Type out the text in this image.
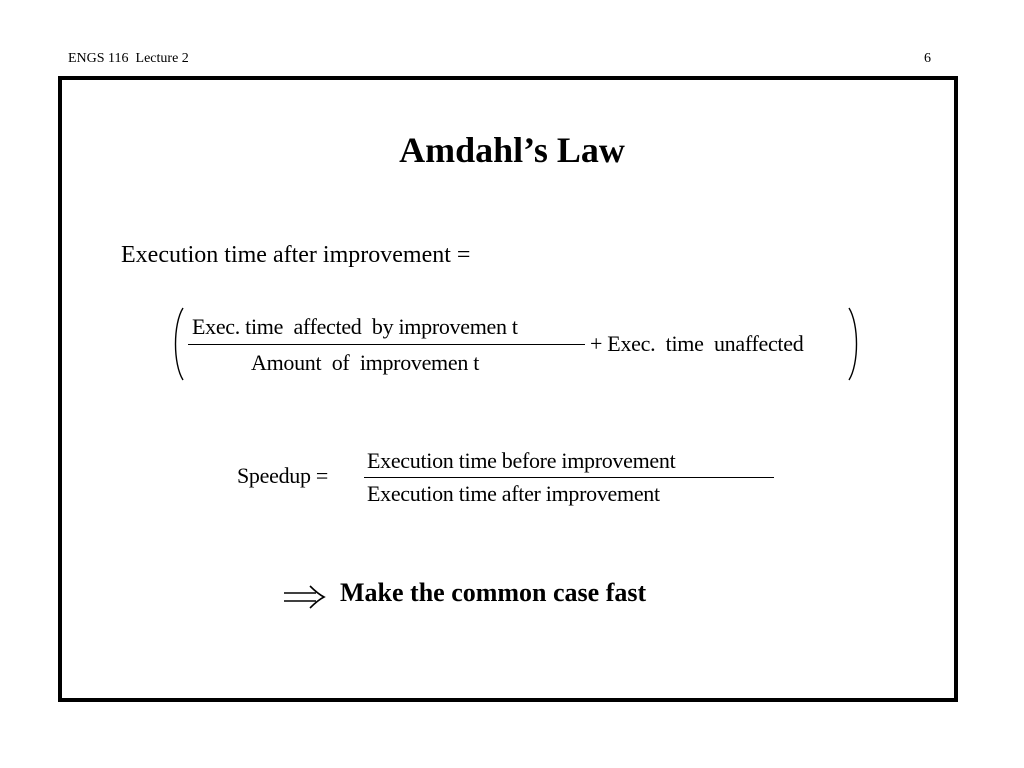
ENGS 116  Lecture 2	6
Amdahl’s Law
Execution time after improvement =
Exec. time  affected  by improvemen t
Amount  of  improvemen t
+ Exec.  time  unaffected
Speedup =
Execution time before improvement
Execution time after improvement
Make the common case fast
